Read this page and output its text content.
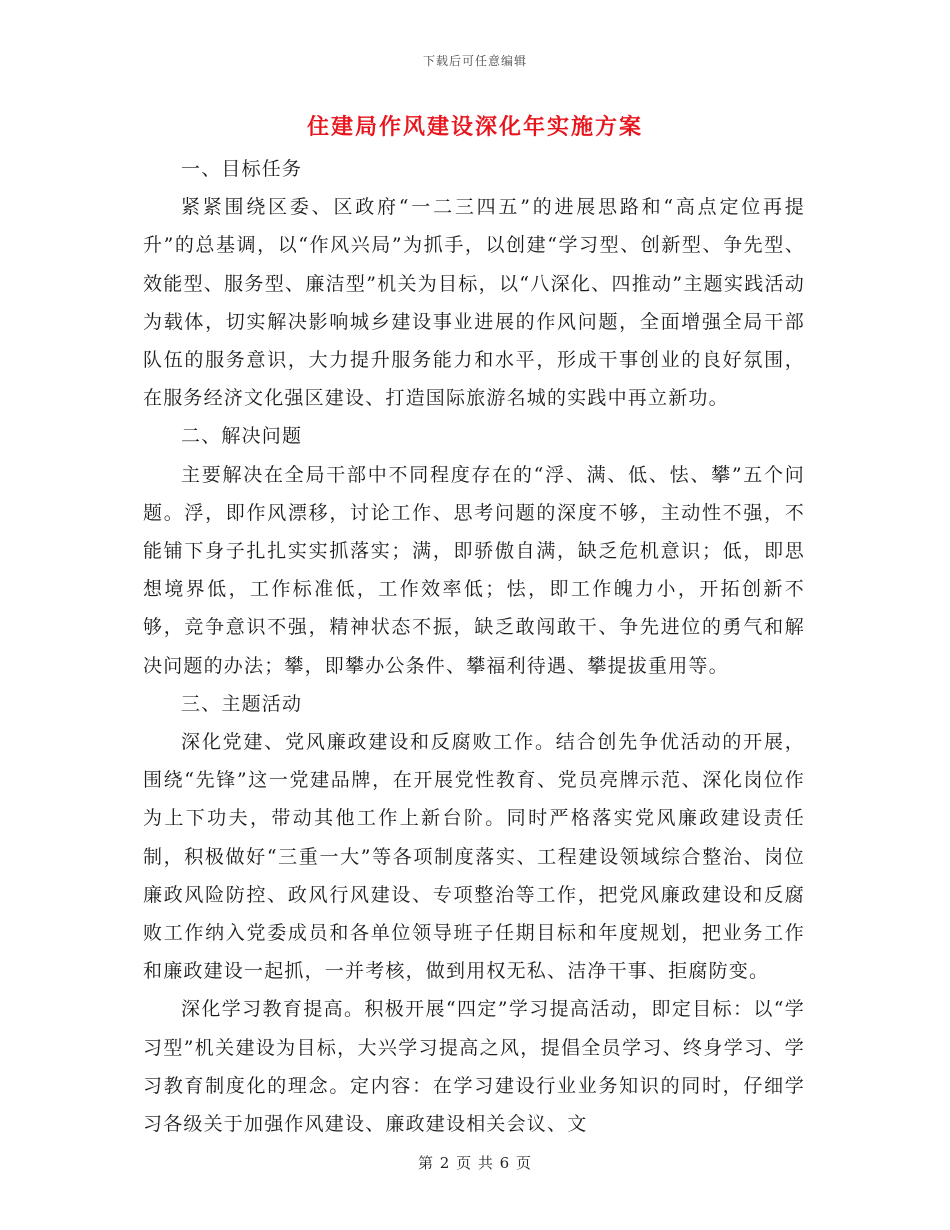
下载后可任意编辑
住建局作风建设深化年实施方案

一、目标任务

紧紧围绕区委、区政府“一二三四五”的进展思路和“高点定位再提升”的总基调，以“作风兴局”为抓手，以创建“学习型、创新型、争先型、效能型、服务型、廉洁型”机关为目标，以“八深化、四推动”主题实践活动为载体，切实解决影响城乡建设事业进展的作风问题，全面增强全局干部队伍的服务意识，大力提升服务能力和水平，形成干事创业的良好氛围，在服务经济文化强区建设、打造国际旅游名城的实践中再立新功。

二、解决问题

主要解决在全局干部中不同程度存在的“浮、满、低、怯、攀”五个问题。浮，即作风漂移，讨论工作、思考问题的深度不够，主动性不强，不能铺下身子扎扎实实抓落实；满，即骄傲自满，缺乏危机意识；低，即思想境界低，工作标准低，工作效率低；怯，即工作魄力小，开拓创新不够，竞争意识不强，精神状态不振，缺乏敢闯敢干、争先进位的勇气和解决问题的办法；攀，即攀办公条件、攀福利待遇、攀提拔重用等。

三、主题活动

深化党建、党风廉政建设和反腐败工作。结合创先争优活动的开展，围绕“先锋”这一党建品牌，在开展党性教育、党员亮牌示范、深化岗位作为上下功夫，带动其他工作上新台阶。同时严格落实党风廉政建设责任制，积极做好“三重一大”等各项制度落实、工程建设领域综合整治、岗位廉政风险防控、政风行风建设、专项整治等工作，把党风廉政建设和反腐败工作纳入党委成员和各单位领导班子任期目标和年度规划，把业务工作和廉政建设一起抓，一并考核，做到用权无私、洁净干事、拒腐防变。

深化学习教育提高。积极开展“四定”学习提高活动，即定目标：以“学习型”机关建设为目标，大兴学习提高之风，提倡全员学习、终身学习、学习教育制度化的理念。定内容：在学习建设行业业务知识的同时，仔细学习各级关于加强作风建设、廉政建设相关会议、文

第 2 页 共 6 页
